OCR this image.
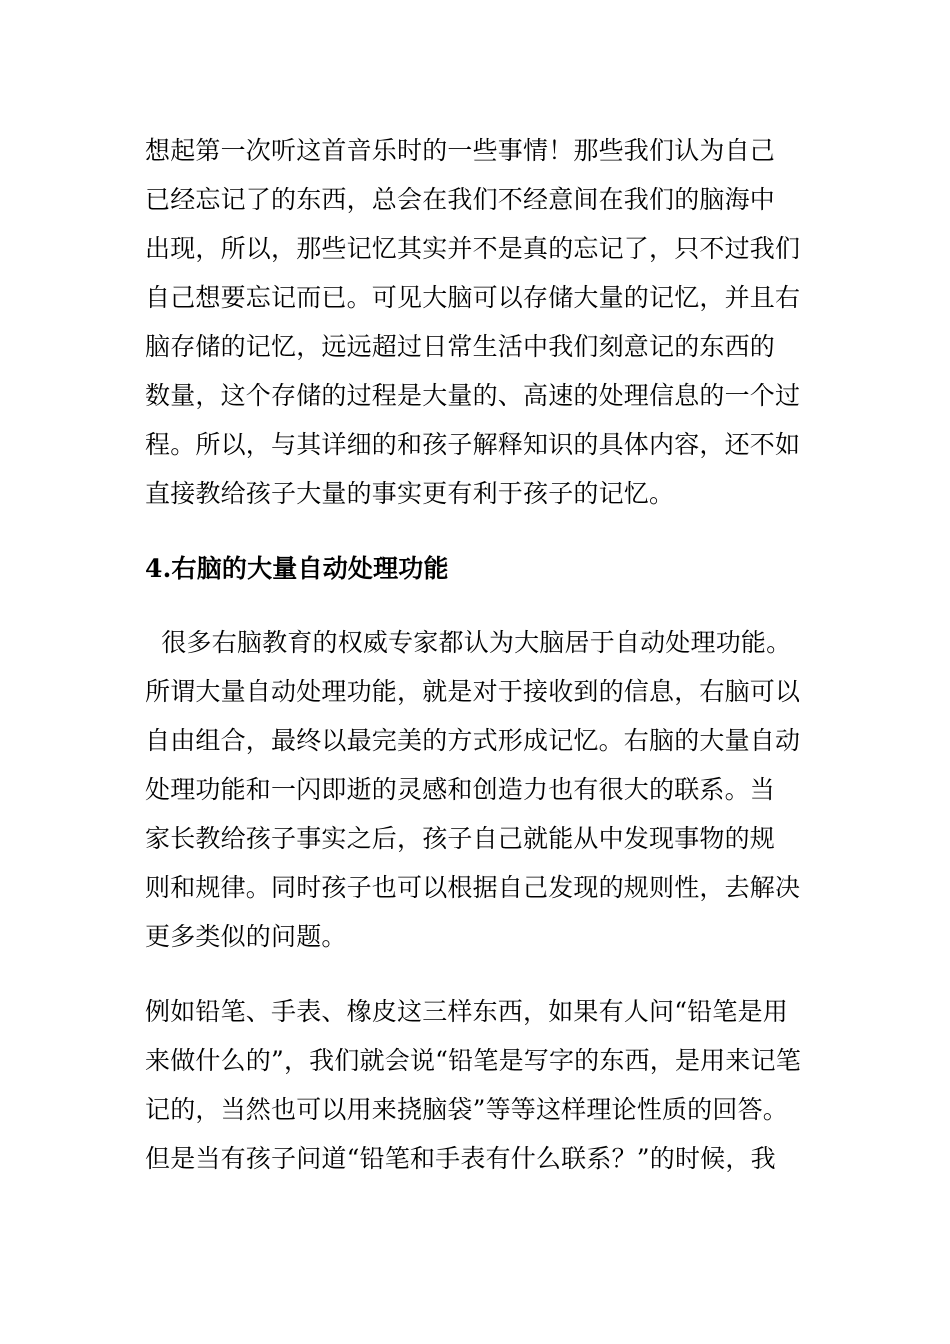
想起第一次听这首音乐时的一些事情！那些我们认为自己
已经忘记了的东西，总会在我们不经意间在我们的脑海中
出现，所以，那些记忆其实并不是真的忘记了，只不过我们
自己想要忘记而已。可见大脑可以存储大量的记忆，并且右
脑存储的记忆，远远超过日常生活中我们刻意记的东西的
数量，这个存储的过程是大量的、高速的处理信息的一个过
程。所以，与其详细的和孩子解释知识的具体内容，还不如
直接教给孩子大量的事实更有利于孩子的记忆。
4.右脑的大量自动处理功能
很多右脑教育的权威专家都认为大脑居于自动处理功能。
所谓大量自动处理功能，就是对于接收到的信息，右脑可以
自由组合，最终以最完美的方式形成记忆。右脑的大量自动
处理功能和一闪即逝的灵感和创造力也有很大的联系。当
家长教给孩子事实之后，孩子自己就能从中发现事物的规
则和规律。同时孩子也可以根据自己发现的规则性，去解决
更多类似的问题。
例如铅笔、手表、橡皮这三样东西，如果有人问“铅笔是用
来做什么的”，我们就会说“铅笔是写字的东西，是用来记笔
记的，当然也可以用来挠脑袋”等等这样理论性质的回答。
但是当有孩子问道“铅笔和手表有什么联系？”的时候，我
